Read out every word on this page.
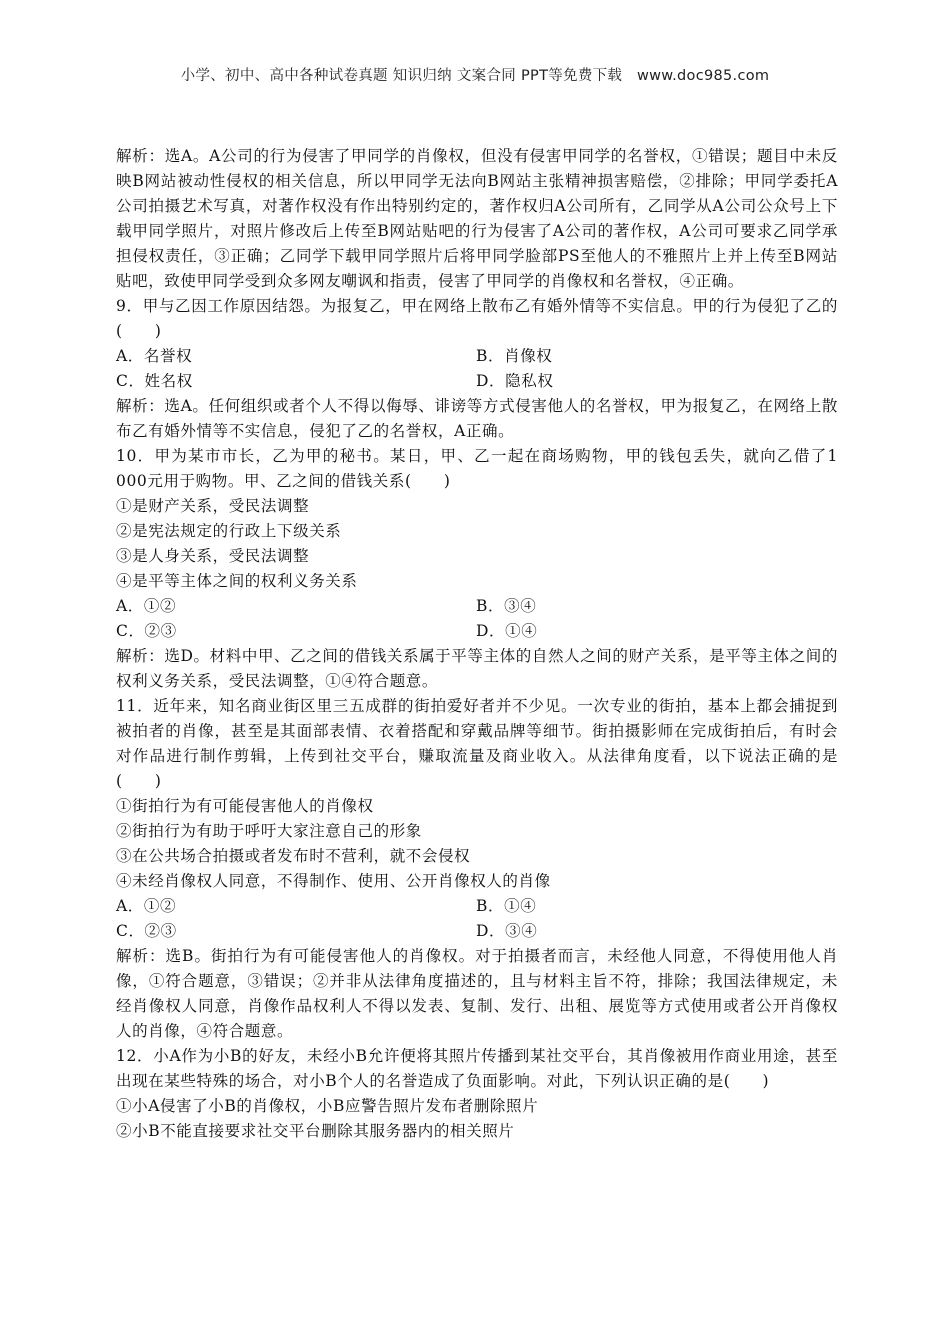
小学、初中、高中各种试卷真题 知识归纳 文案合同 PPT等免费下载 www.doc985.com

解析：选A。A公司的行为侵害了甲同学的肖像权，但没有侵害甲同学的名誉权，①错误；题目中未反映B网站被动性侵权的相关信息，所以甲同学无法向B网站主张精神损害赔偿，②排除；甲同学委托A公司拍摄艺术写真，对著作权没有作出特别约定的，著作权归A公司所有，乙同学从A公司公众号上下载甲同学照片，对照片修改后上传至B网站贴吧的行为侵害了A公司的著作权，A公司可要求乙同学承担侵权责任，③正确；乙同学下载甲同学照片后将甲同学脸部PS至他人的不雅照片上并上传至B网站贴吧，致使甲同学受到众多网友嘲讽和指责，侵害了甲同学的肖像权和名誉权，④正确。

9．甲与乙因工作原因结怨。为报复乙，甲在网络上散布乙有婚外情等不实信息。甲的行为侵犯了乙的(　　)

A．名誉权	B．肖像权
C．姓名权	D．隐私权

解析：选A。任何组织或者个人不得以侮辱、诽谤等方式侵害他人的名誉权，甲为报复乙，在网络上散布乙有婚外情等不实信息，侵犯了乙的名誉权，A正确。

10．甲为某市市长，乙为甲的秘书。某日，甲、乙一起在商场购物，甲的钱包丢失，就向乙借了1 000元用于购物。甲、乙之间的借钱关系(　　)

①是财产关系，受民法调整

②是宪法规定的行政上下级关系

③是人身关系，受民法调整

④是平等主体之间的权利义务关系

A．①②	B．③④
C．②③	D．①④

解析：选D。材料中甲、乙之间的借钱关系属于平等主体的自然人之间的财产关系，是平等主体之间的权利义务关系，受民法调整，①④符合题意。

11．近年来，知名商业街区里三五成群的街拍爱好者并不少见。一次专业的街拍，基本上都会捕捉到被拍者的肖像，甚至是其面部表情、衣着搭配和穿戴品牌等细节。街拍摄影师在完成街拍后，有时会对作品进行制作剪辑，上传到社交平台，赚取流量及商业收入。从法律角度看，以下说法正确的是(　　)

①街拍行为有可能侵害他人的肖像权

②街拍行为有助于呼吁大家注意自己的形象

③在公共场合拍摄或者发布时不营利，就不会侵权

④未经肖像权人同意，不得制作、使用、公开肖像权人的肖像

A．①②	B．①④
C．②③	D．③④

解析：选B。街拍行为有可能侵害他人的肖像权。对于拍摄者而言，未经他人同意，不得使用他人肖像，①符合题意，③错误；②并非从法律角度描述的，且与材料主旨不符，排除；我国法律规定，未经肖像权人同意，肖像作品权利人不得以发表、复制、发行、出租、展览等方式使用或者公开肖像权人的肖像，④符合题意。

12．小A作为小B的好友，未经小B允许便将其照片传播到某社交平台，其肖像被用作商业用途，甚至出现在某些特殊的场合，对小B个人的名誉造成了负面影响。对此，下列认识正确的是(　　)

①小A侵害了小B的肖像权，小B应警告照片发布者删除照片

②小B不能直接要求社交平台删除其服务器内的相关照片
